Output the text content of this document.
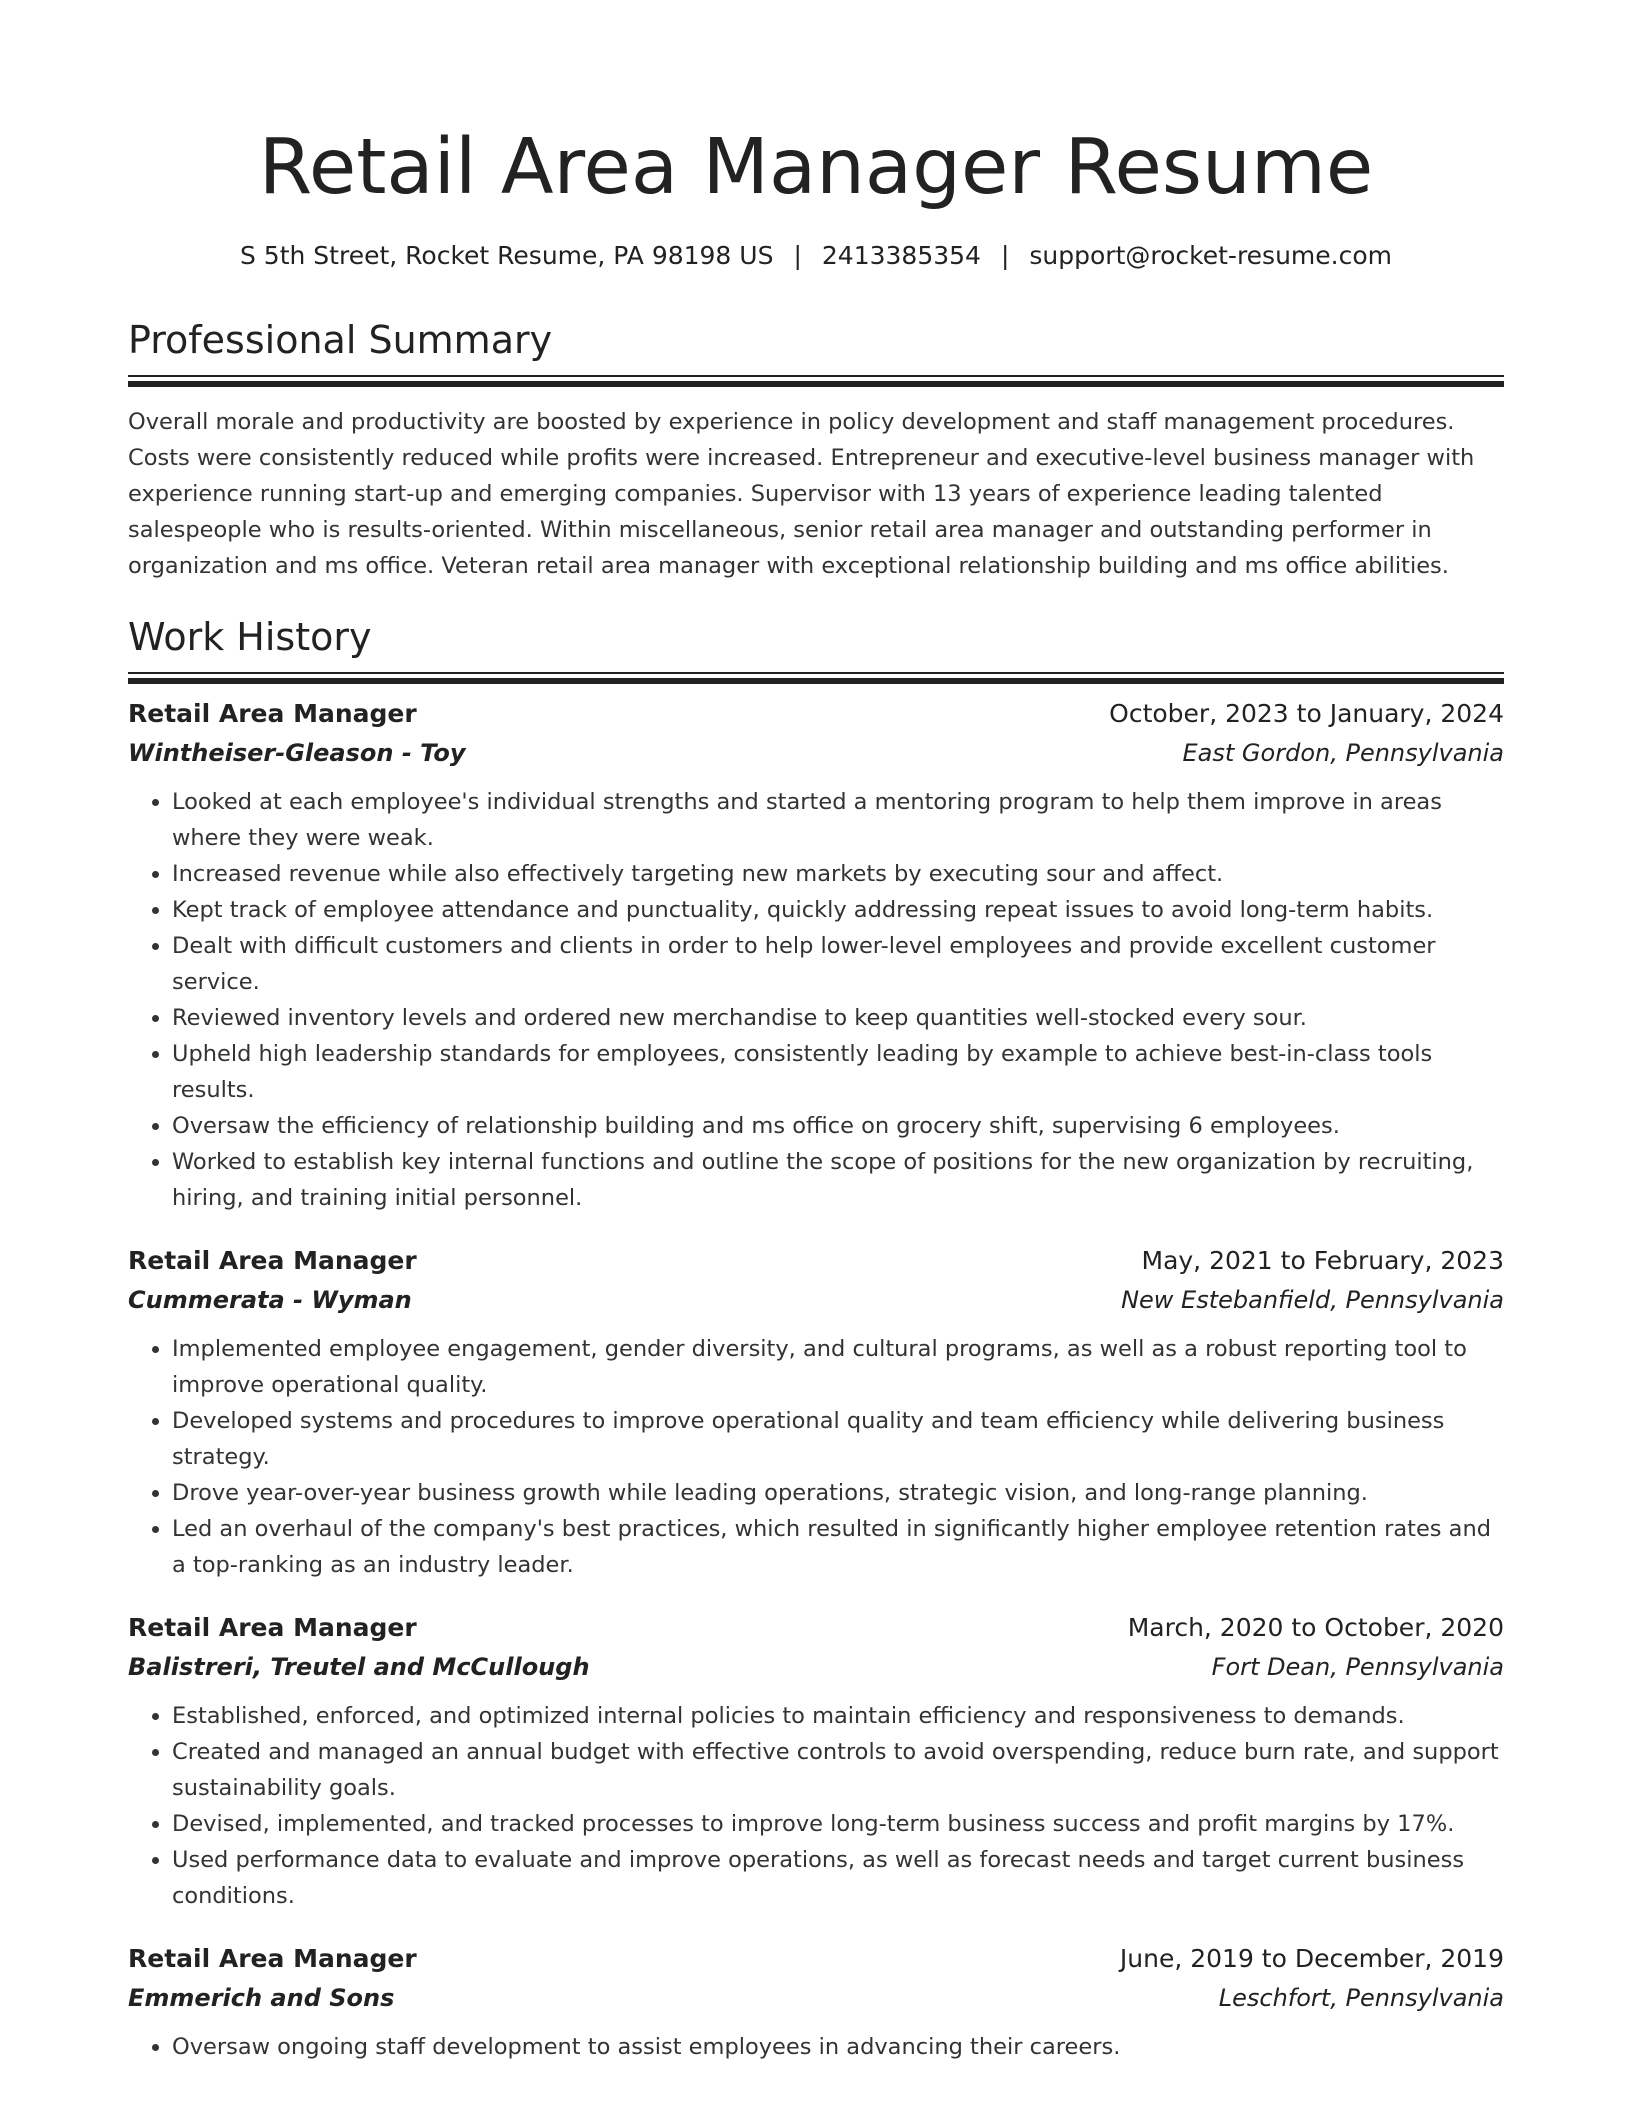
Retail Area Manager Resume
S 5th Street, Rocket Resume, PA 98198 US | 2413385354 | support@rocket-resume.com
Professional Summary

Overall morale and productivity are boosted by experience in policy development and staff management procedures. Costs were consistently reduced while profits were increased. Entrepreneur and executive-level business manager with experience running start-up and emerging companies. Supervisor with 13 years of experience leading talented salespeople who is results-oriented. Within miscellaneous, senior retail area manager and outstanding performer in organization and ms office. Veteran retail area manager with exceptional relationship building and ms office abilities.

Work History
Retail Area Manager	October, 2023 to January, 2024
Wintheiser-Gleason - Toy	East Gordon, Pennsylvania
• Looked at each employee's individual strengths and started a mentoring program to help them improve in areas where they were weak.
• Increased revenue while also effectively targeting new markets by executing sour and affect.
• Kept track of employee attendance and punctuality, quickly addressing repeat issues to avoid long-term habits.
• Dealt with difficult customers and clients in order to help lower-level employees and provide excellent customer service.
• Reviewed inventory levels and ordered new merchandise to keep quantities well-stocked every sour.
• Upheld high leadership standards for employees, consistently leading by example to achieve best-in-class tools results.
• Oversaw the efficiency of relationship building and ms office on grocery shift, supervising 6 employees.
• Worked to establish key internal functions and outline the scope of positions for the new organization by recruiting, hiring, and training initial personnel.
Retail Area Manager	May, 2021 to February, 2023
Cummerata - Wyman	New Estebanfield, Pennsylvania
• Implemented employee engagement, gender diversity, and cultural programs, as well as a robust reporting tool to improve operational quality.
• Developed systems and procedures to improve operational quality and team efficiency while delivering business strategy.
• Drove year-over-year business growth while leading operations, strategic vision, and long-range planning.
• Led an overhaul of the company's best practices, which resulted in significantly higher employee retention rates and a top-ranking as an industry leader.
Retail Area Manager	March, 2020 to October, 2020
Balistreri, Treutel and McCullough	Fort Dean, Pennsylvania
• Established, enforced, and optimized internal policies to maintain efficiency and responsiveness to demands.
• Created and managed an annual budget with effective controls to avoid overspending, reduce burn rate, and support sustainability goals.
• Devised, implemented, and tracked processes to improve long-term business success and profit margins by 17%.
• Used performance data to evaluate and improve operations, as well as forecast needs and target current business conditions.
Retail Area Manager	June, 2019 to December, 2019
Emmerich and Sons	Leschfort, Pennsylvania
• Oversaw ongoing staff development to assist employees in advancing their careers.
